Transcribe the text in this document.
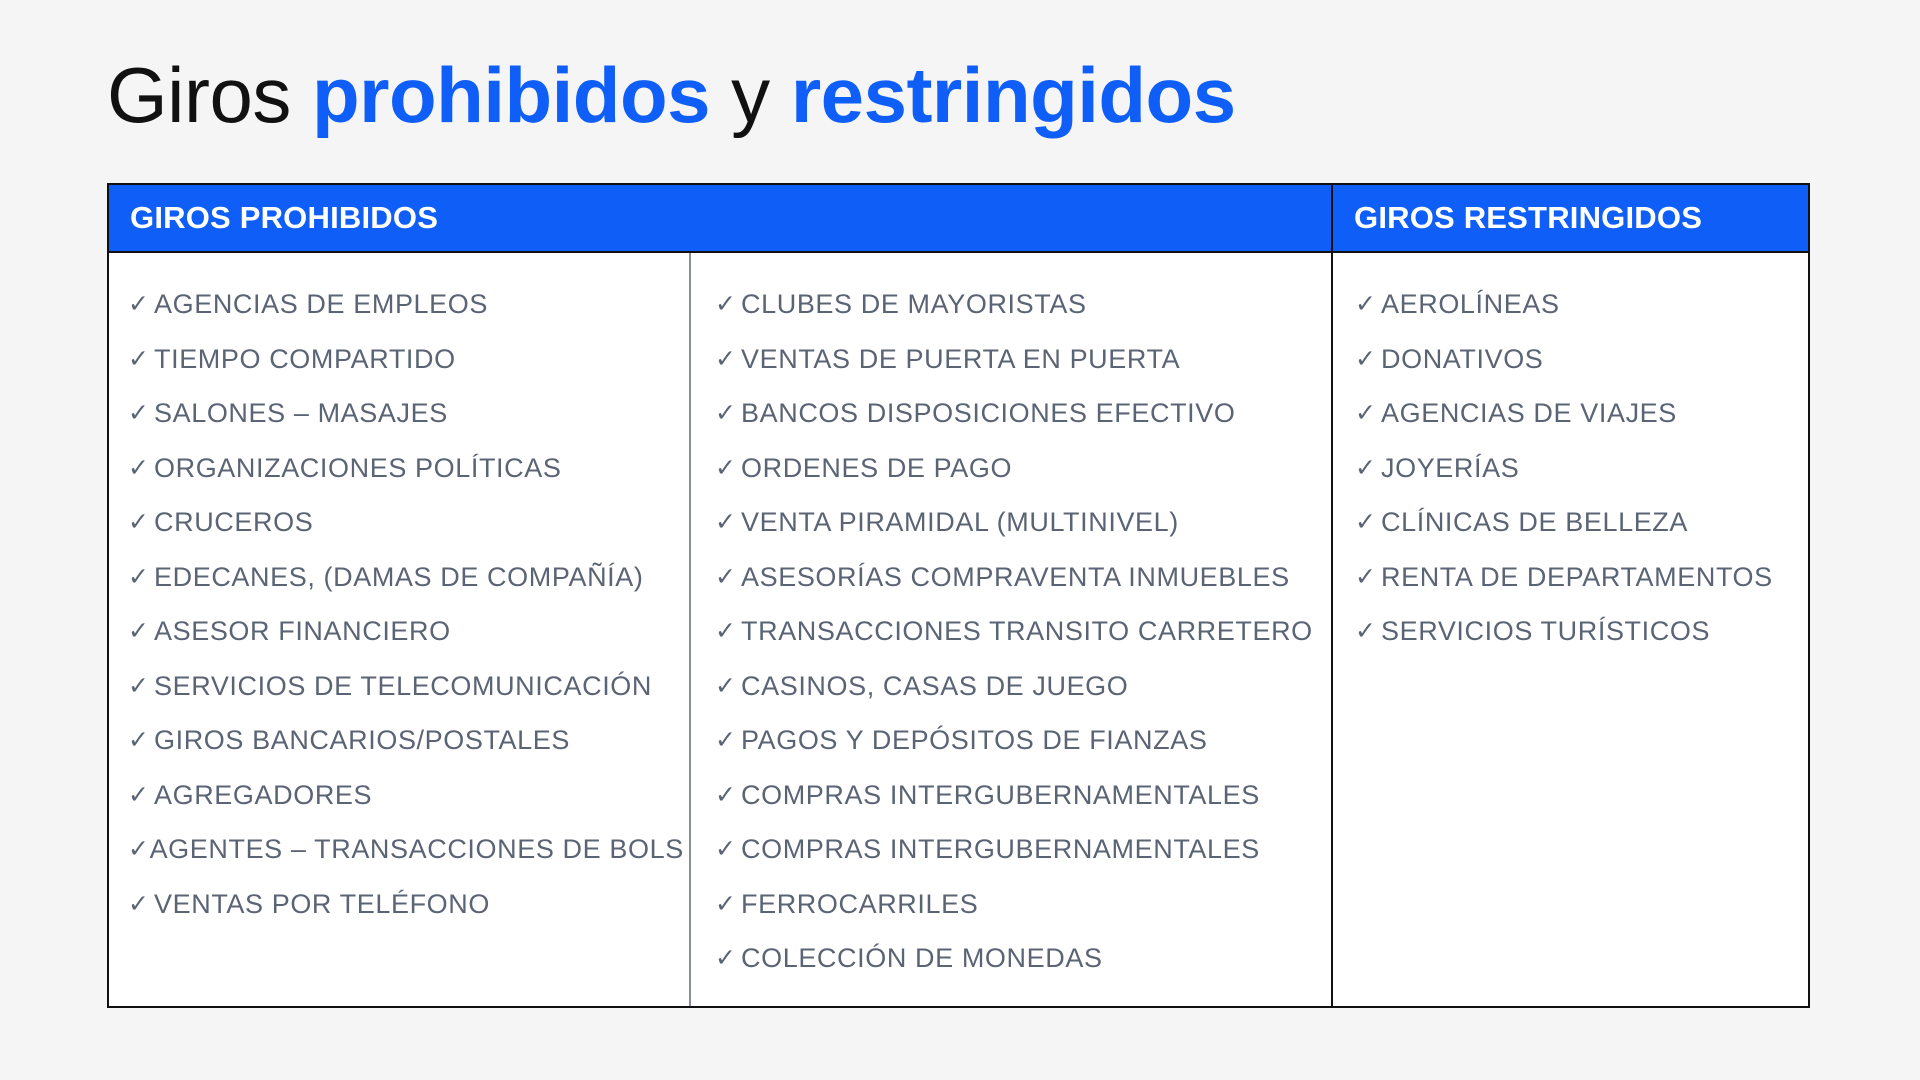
Giros prohibidos y restringidos
GIROS PROHIBIDOS	GIROS RESTRINGIDOS
✓ AGENCIAS DE EMPLEOS
✓ TIEMPO COMPARTIDO
✓ SALONES – MASAJES
✓ ORGANIZACIONES POLÍTICAS
✓ CRUCEROS
✓ EDECANES, (DAMAS DE COMPAÑÍA)
✓ ASESOR FINANCIERO
✓ SERVICIOS DE TELECOMUNICACIÓN
✓ GIROS BANCARIOS/POSTALES
✓ AGREGADORES
✓ AGENTES – TRANSACCIONES DE BOLS
✓ VENTAS POR TELÉFONO
✓ CLUBES DE MAYORISTAS
✓ VENTAS DE PUERTA EN PUERTA
✓ BANCOS DISPOSICIONES EFECTIVO
✓ ORDENES DE PAGO
✓ VENTA PIRAMIDAL (MULTINIVEL)
✓ ASESORÍAS COMPRAVENTA INMUEBLES
✓ TRANSACCIONES TRANSITO CARRETERO
✓ CASINOS, CASAS DE JUEGO
✓ PAGOS Y DEPÓSITOS DE FIANZAS
✓ COMPRAS INTERGUBERNAMENTALES
✓ COMPRAS INTERGUBERNAMENTALES
✓ FERROCARRILES
✓ COLECCIÓN DE MONEDAS
✓ AEROLÍNEAS
✓ DONATIVOS
✓ AGENCIAS DE VIAJES
✓ JOYERÍAS
✓ CLÍNICAS DE BELLEZA
✓ RENTA DE DEPARTAMENTOS
✓ SERVICIOS TURÍSTICOS
